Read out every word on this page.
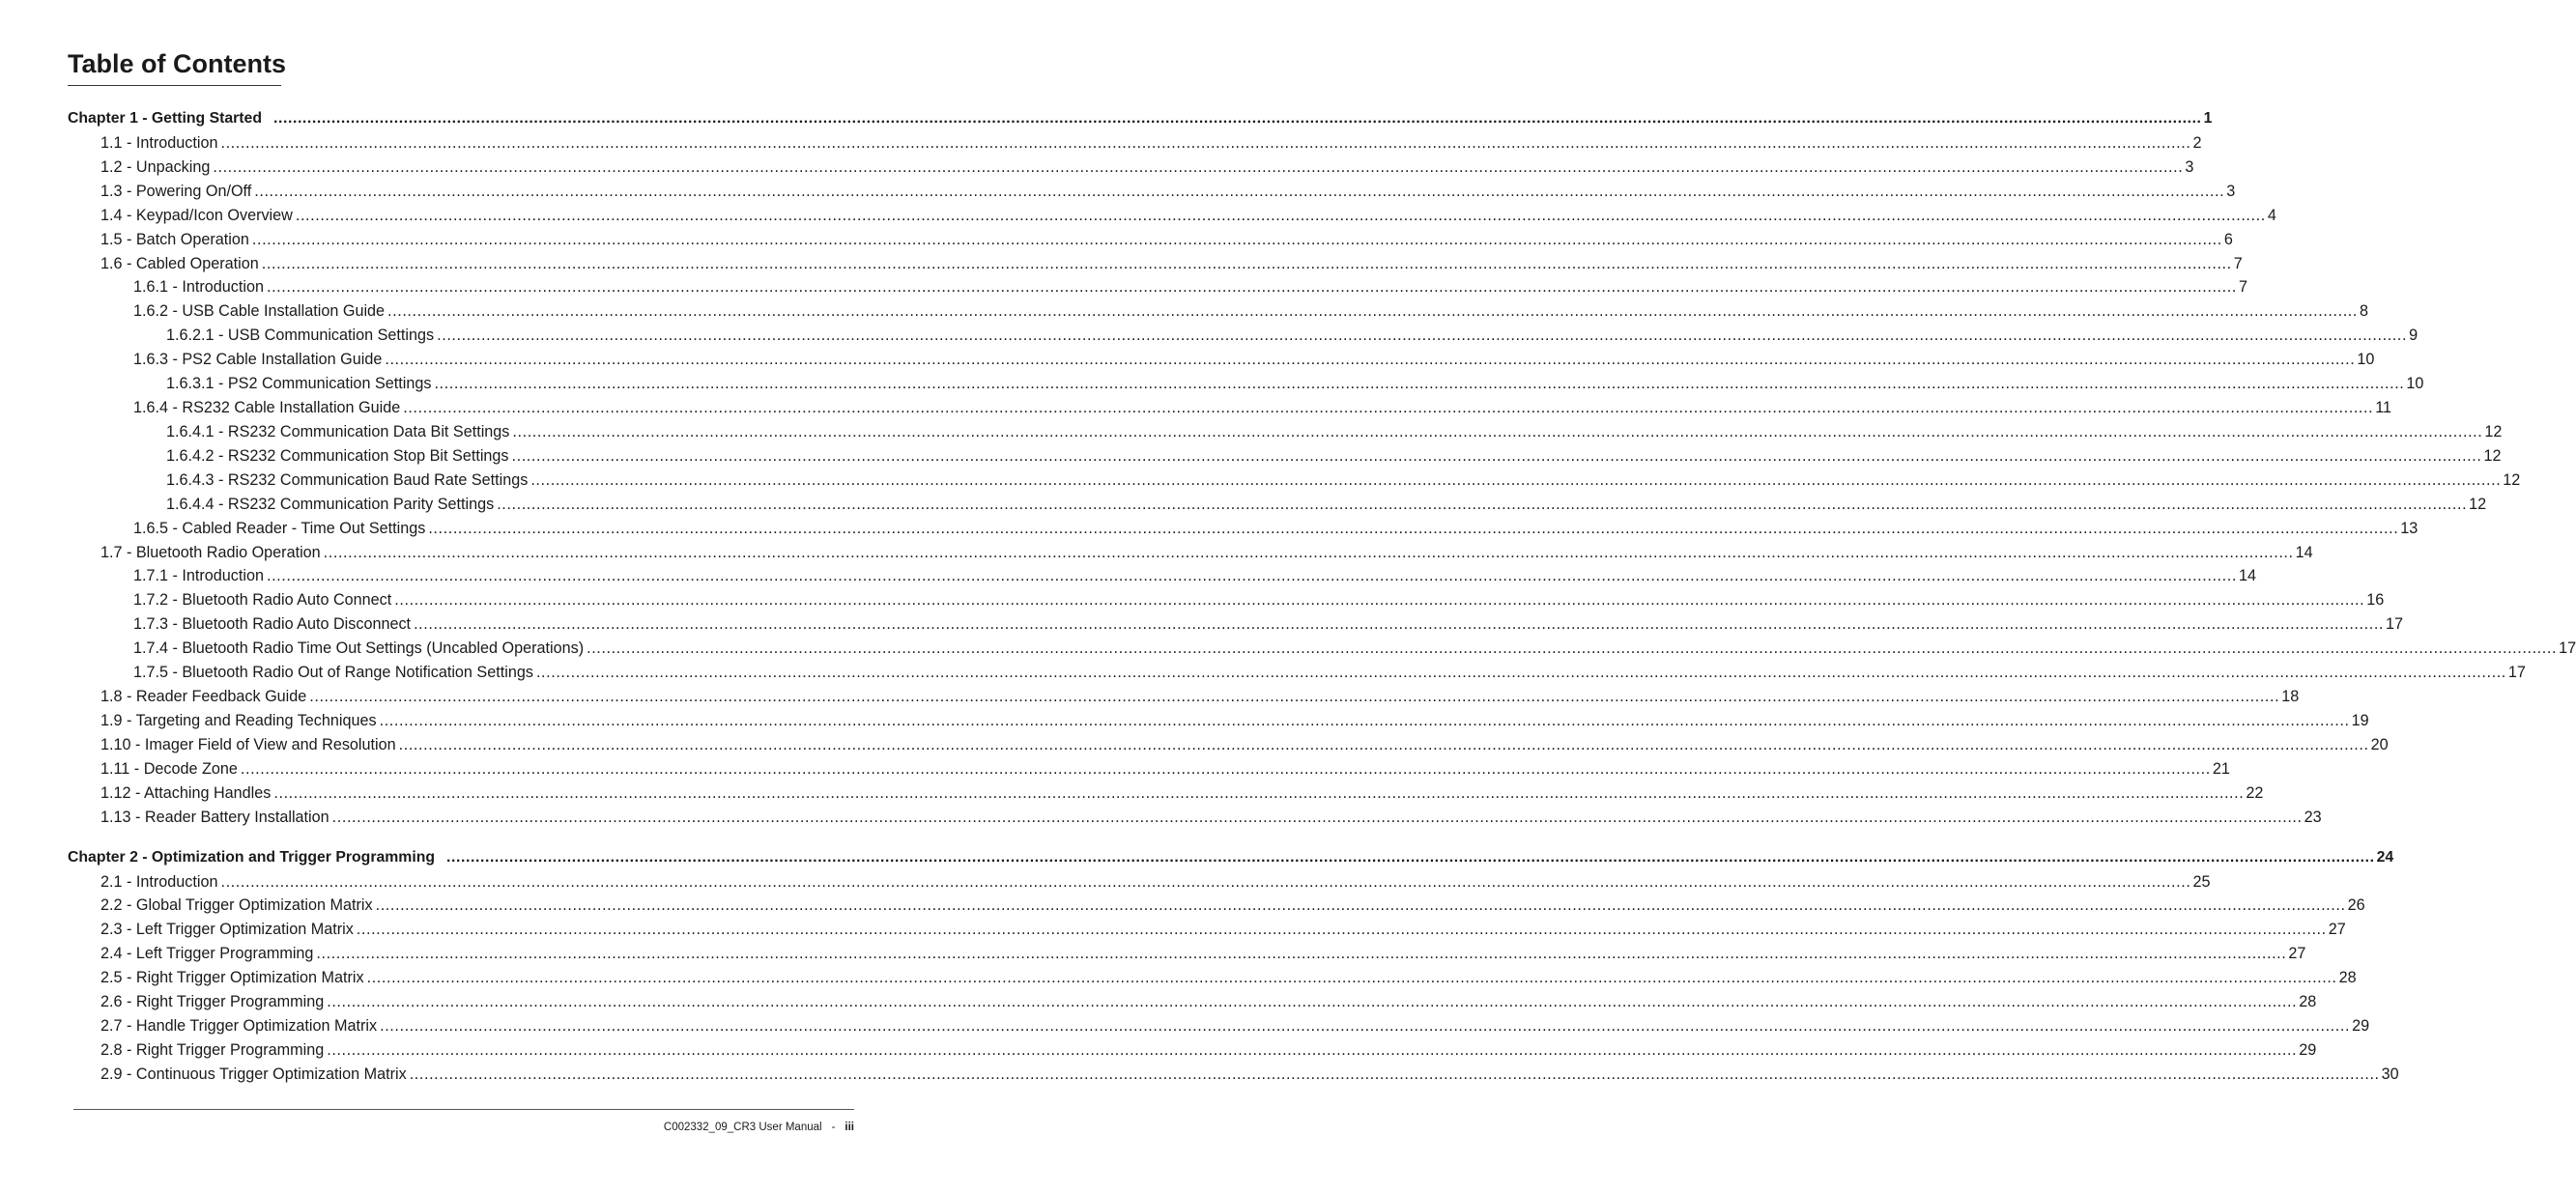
Table of Contents
Chapter 1 - Getting Started ................................................................................................................................................................................................................................................................................................................................................................................................................ 1
1.1 - Introduction ................................................................................................................................................................................................................................................................................................................................................................................................................ 2
1.2 - Unpacking ................................................................................................................................................................................................................................................................................................................................................................................................................ 3
1.3 - Powering On/Off ................................................................................................................................................................................................................................................................................................................................................................................................................ 3
1.4 - Keypad/Icon Overview ................................................................................................................................................................................................................................................................................................................................................................................................................ 4
1.5 - Batch Operation ................................................................................................................................................................................................................................................................................................................................................................................................................ 6
1.6 - Cabled Operation ................................................................................................................................................................................................................................................................................................................................................................................................................ 7
1.6.1 - Introduction ................................................................................................................................................................................................................................................................................................................................................................................................................ 7
1.6.2 - USB Cable Installation Guide ................................................................................................................................................................................................................................................................................................................................................................................................................ 8
1.6.2.1 - USB Communication Settings ................................................................................................................................................................................................................................................................................................................................................................................................................ 9
1.6.3 - PS2 Cable Installation Guide ................................................................................................................................................................................................................................................................................................................................................................................................................ 10
1.6.3.1 - PS2 Communication Settings ................................................................................................................................................................................................................................................................................................................................................................................................................ 10
1.6.4 - RS232 Cable Installation Guide ................................................................................................................................................................................................................................................................................................................................................................................................................ 11
1.6.4.1 - RS232 Communication Data Bit Settings ................................................................................................................................................................................................................................................................................................................................................................................................................ 12
1.6.4.2 - RS232 Communication Stop Bit Settings ................................................................................................................................................................................................................................................................................................................................................................................................................ 12
1.6.4.3 - RS232 Communication Baud Rate Settings ................................................................................................................................................................................................................................................................................................................................................................................................................ 12
1.6.4.4 - RS232 Communication Parity Settings ................................................................................................................................................................................................................................................................................................................................................................................................................ 12
1.6.5 - Cabled Reader - Time Out Settings ................................................................................................................................................................................................................................................................................................................................................................................................................ 13
1.7 - Bluetooth Radio Operation ................................................................................................................................................................................................................................................................................................................................................................................................................ 14
1.7.1 - Introduction ................................................................................................................................................................................................................................................................................................................................................................................................................ 14
1.7.2 - Bluetooth Radio Auto Connect ................................................................................................................................................................................................................................................................................................................................................................................................................ 16
1.7.3 - Bluetooth Radio Auto Disconnect ................................................................................................................................................................................................................................................................................................................................................................................................................ 17
1.7.4 - Bluetooth Radio Time Out Settings (Uncabled Operations) ................................................................................................................................................................................................................................................................................................................................................................................................................ 17
1.7.5 - Bluetooth Radio Out of Range Notification Settings ................................................................................................................................................................................................................................................................................................................................................................................................................ 17
1.8 - Reader Feedback Guide ................................................................................................................................................................................................................................................................................................................................................................................................................ 18
1.9 - Targeting and Reading Techniques ................................................................................................................................................................................................................................................................................................................................................................................................................ 19
1.10 - Imager Field of View and Resolution ................................................................................................................................................................................................................................................................................................................................................................................................................ 20
1.11 - Decode Zone ................................................................................................................................................................................................................................................................................................................................................................................................................ 21
1.12 - Attaching Handles ................................................................................................................................................................................................................................................................................................................................................................................................................ 22
1.13 - Reader Battery Installation ................................................................................................................................................................................................................................................................................................................................................................................................................ 23
Chapter 2 - Optimization and Trigger Programming ................................................................................................................................................................................................................................................................................................................................................................................................................ 24
2.1 - Introduction ................................................................................................................................................................................................................................................................................................................................................................................................................ 25
2.2 - Global Trigger Optimization Matrix ................................................................................................................................................................................................................................................................................................................................................................................................................ 26
2.3 - Left Trigger Optimization Matrix ................................................................................................................................................................................................................................................................................................................................................................................................................ 27
2.4 - Left Trigger Programming ................................................................................................................................................................................................................................................................................................................................................................................................................ 27
2.5 - Right Trigger Optimization Matrix ................................................................................................................................................................................................................................................................................................................................................................................................................ 28
2.6 - Right Trigger Programming ................................................................................................................................................................................................................................................................................................................................................................................................................ 28
2.7 - Handle Trigger Optimization Matrix ................................................................................................................................................................................................................................................................................................................................................................................................................ 29
2.8 - Right Trigger Programming ................................................................................................................................................................................................................................................................................................................................................................................................................ 29
2.9 - Continuous Trigger Optimization Matrix ................................................................................................................................................................................................................................................................................................................................................................................................................ 30
C002332_09_CR3 User Manual - iii
